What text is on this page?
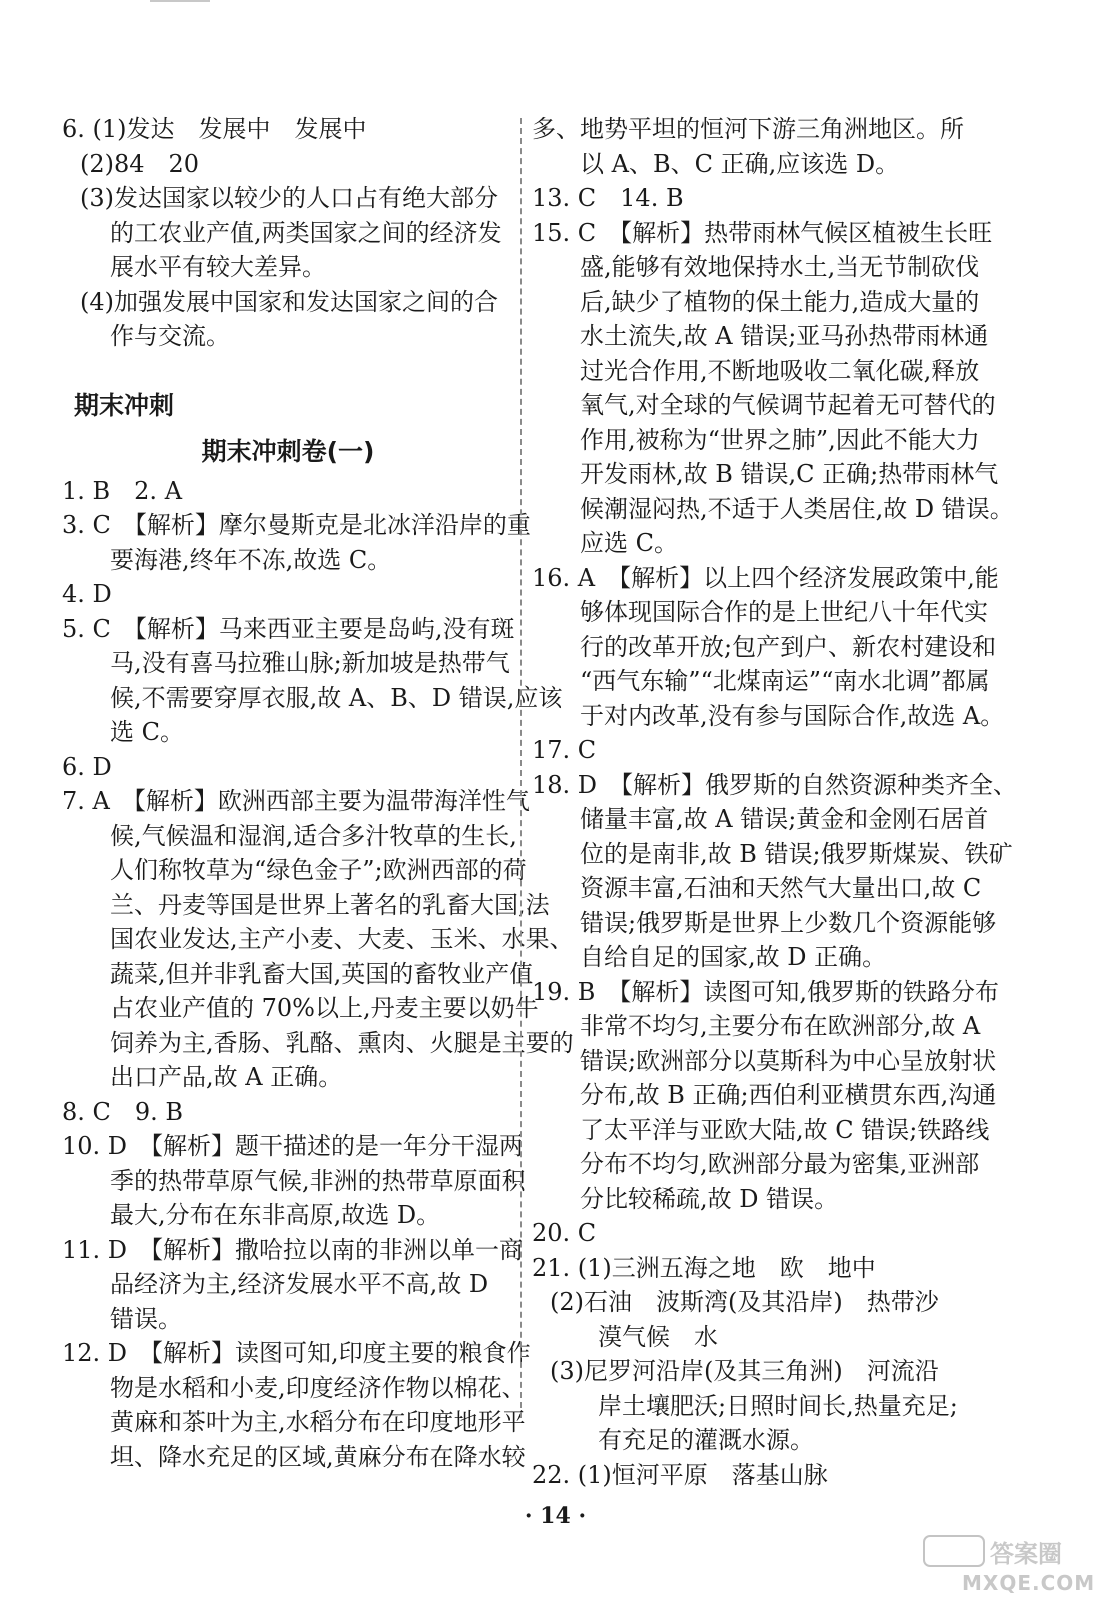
6. (1)发达　发展中　发展中
(2)84　20
(3)发达国家以较少的人口占有绝大部分
的工农业产值,两类国家之间的经济发
展水平有较大差异。
(4)加强发展中国家和发达国家之间的合
作与交流。
期末冲刺
期末冲刺卷(一)
1. B　2. A
3. C　【解析】摩尔曼斯克是北冰洋沿岸的重
要海港,终年不冻,故选 C。
4. D
5. C　【解析】马来西亚主要是岛屿,没有斑
马,没有喜马拉雅山脉;新加坡是热带气
候,不需要穿厚衣服,故 A、B、D 错误,应该
选 C。
6. D
7. A　【解析】欧洲西部主要为温带海洋性气
候,气候温和湿润,适合多汁牧草的生长,
人们称牧草为“绿色金子”;欧洲西部的荷
兰、丹麦等国是世界上著名的乳畜大国,法
国农业发达,主产小麦、大麦、玉米、水果、
蔬菜,但并非乳畜大国,英国的畜牧业产值
占农业产值的 70%以上,丹麦主要以奶牛
饲养为主,香肠、乳酪、熏肉、火腿是主要的
出口产品,故 A 正确。
8. C　9. B
10. D　【解析】题干描述的是一年分干湿两
季的热带草原气候,非洲的热带草原面积
最大,分布在东非高原,故选 D。
11. D　【解析】撒哈拉以南的非洲以单一商
品经济为主,经济发展水平不高,故 D
错误。
12. D　【解析】读图可知,印度主要的粮食作
物是水稻和小麦,印度经济作物以棉花、
黄麻和茶叶为主,水稻分布在印度地形平
坦、降水充足的区域,黄麻分布在降水较
多、地势平坦的恒河下游三角洲地区。所
以 A、B、C 正确,应该选 D。
13. C　14. B
15. C　【解析】热带雨林气候区植被生长旺
盛,能够有效地保持水土,当无节制砍伐
后,缺少了植物的保土能力,造成大量的
水土流失,故 A 错误;亚马孙热带雨林通
过光合作用,不断地吸收二氧化碳,释放
氧气,对全球的气候调节起着无可替代的
作用,被称为“世界之肺”,因此不能大力
开发雨林,故 B 错误,C 正确;热带雨林气
候潮湿闷热,不适于人类居住,故 D 错误。
应选 C。
16. A　【解析】以上四个经济发展政策中,能
够体现国际合作的是上世纪八十年代实
行的改革开放;包产到户、新农村建设和
“西气东输”“北煤南运”“南水北调”都属
于对内改革,没有参与国际合作,故选 A。
17. C
18. D　【解析】俄罗斯的自然资源种类齐全、
储量丰富,故 A 错误;黄金和金刚石居首
位的是南非,故 B 错误;俄罗斯煤炭、铁矿
资源丰富,石油和天然气大量出口,故 C
错误;俄罗斯是世界上少数几个资源能够
自给自足的国家,故 D 正确。
19. B　【解析】读图可知,俄罗斯的铁路分布
非常不均匀,主要分布在欧洲部分,故 A
错误;欧洲部分以莫斯科为中心呈放射状
分布,故 B 正确;西伯利亚横贯东西,沟通
了太平洋与亚欧大陆,故 C 错误;铁路线
分布不均匀,欧洲部分最为密集,亚洲部
分比较稀疏,故 D 错误。
20. C
21. (1)三洲五海之地　欧　地中
(2)石油　波斯湾(及其沿岸)　热带沙
漠气候　水
(3)尼罗河沿岸(及其三角洲)　河流沿
岸土壤肥沃;日照时间长,热量充足;
有充足的灌溉水源。
22. (1)恒河平原　落基山脉
· 14 ·
答案圈
MXQE.COM
